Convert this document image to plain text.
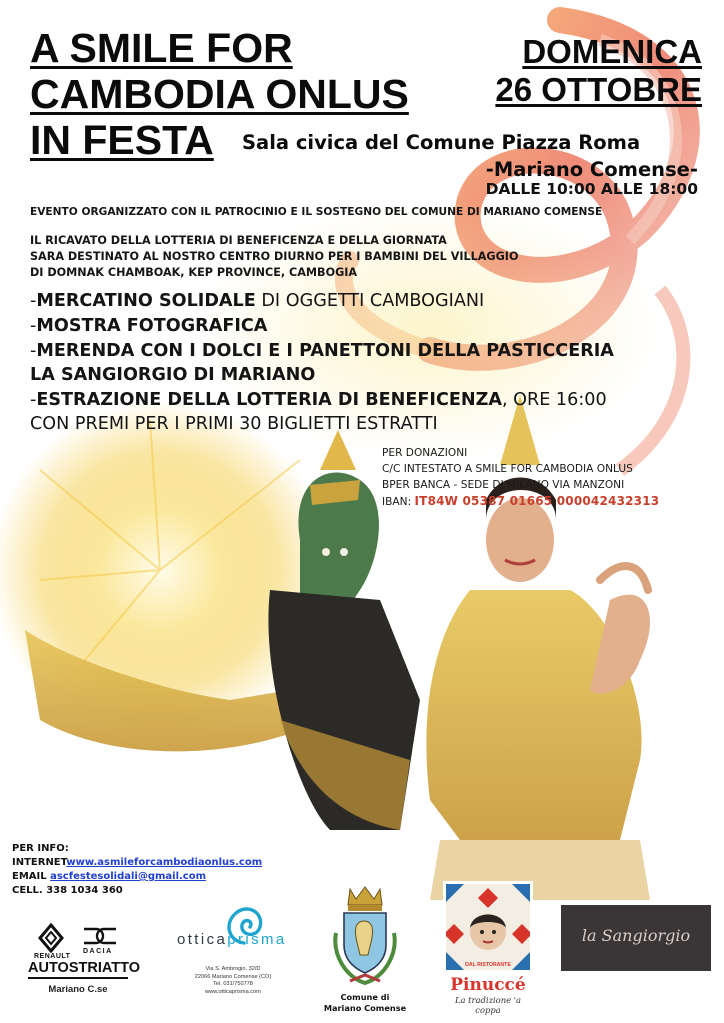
A SMILE FOR
CAMBODIA ONLUS
IN FESTA
DOMENICA
26 OTTOBRE
Sala civica del Comune Piazza Roma
-Mariano Comense-
DALLE 10:00 ALLE 18:00
EVENTO ORGANIZZATO CON IL PATROCINIO E IL SOSTEGNO DEL COMUNE DI MARIANO COMENSE
IL RICAVATO DELLA LOTTERIA DI BENEFICENZA E DELLA GIORNATA
SARA DESTINATO AL NOSTRO CENTRO DIURNO PER I BAMBINI DEL VILLAGGIO
DI DOMNAK CHAMBOAK, KEP PROVINCE, CAMBOGIA
-MERCATINO SOLIDALE DI OGGETTI CAMBOGIANI
-MOSTRA FOTOGRAFICA
-MERENDA CON I DOLCI E I PANETTONI DELLA PASTICCERIA
LA SANGIORGIO DI MARIANO
-ESTRAZIONE DELLA LOTTERIA DI BENEFICENZA, ORE 16:00
CON PREMI PER I PRIMI 30 BIGLIETTI ESTRATTI
PER DONAZIONI
C/C INTESTATO A SMILE FOR CAMBODIA ONLUS
BPER BANCA - SEDE DI MILANO VIA MANZONI
IBAN: IT84W 05387 01665 000042432313
PER INFO:
INTERNETwww.asmileforcambodiaonlus.com
EMAIL ascfestesolidali@gmail.com
CELL. 338 1034 360
RENAULT
DACIA
AUTOSTRIATTO
Mariano C.se
otticaprisma
Via S. Ambrogio, 32/D
22066 Mariano Comense (CO)
Tel. 031/750778
www.otticaprisma.com
Comune di
Mariano Comense
DAL RISTORANTE
Pinuccé
La tradizione 'a coppa
la Sangiorgio
